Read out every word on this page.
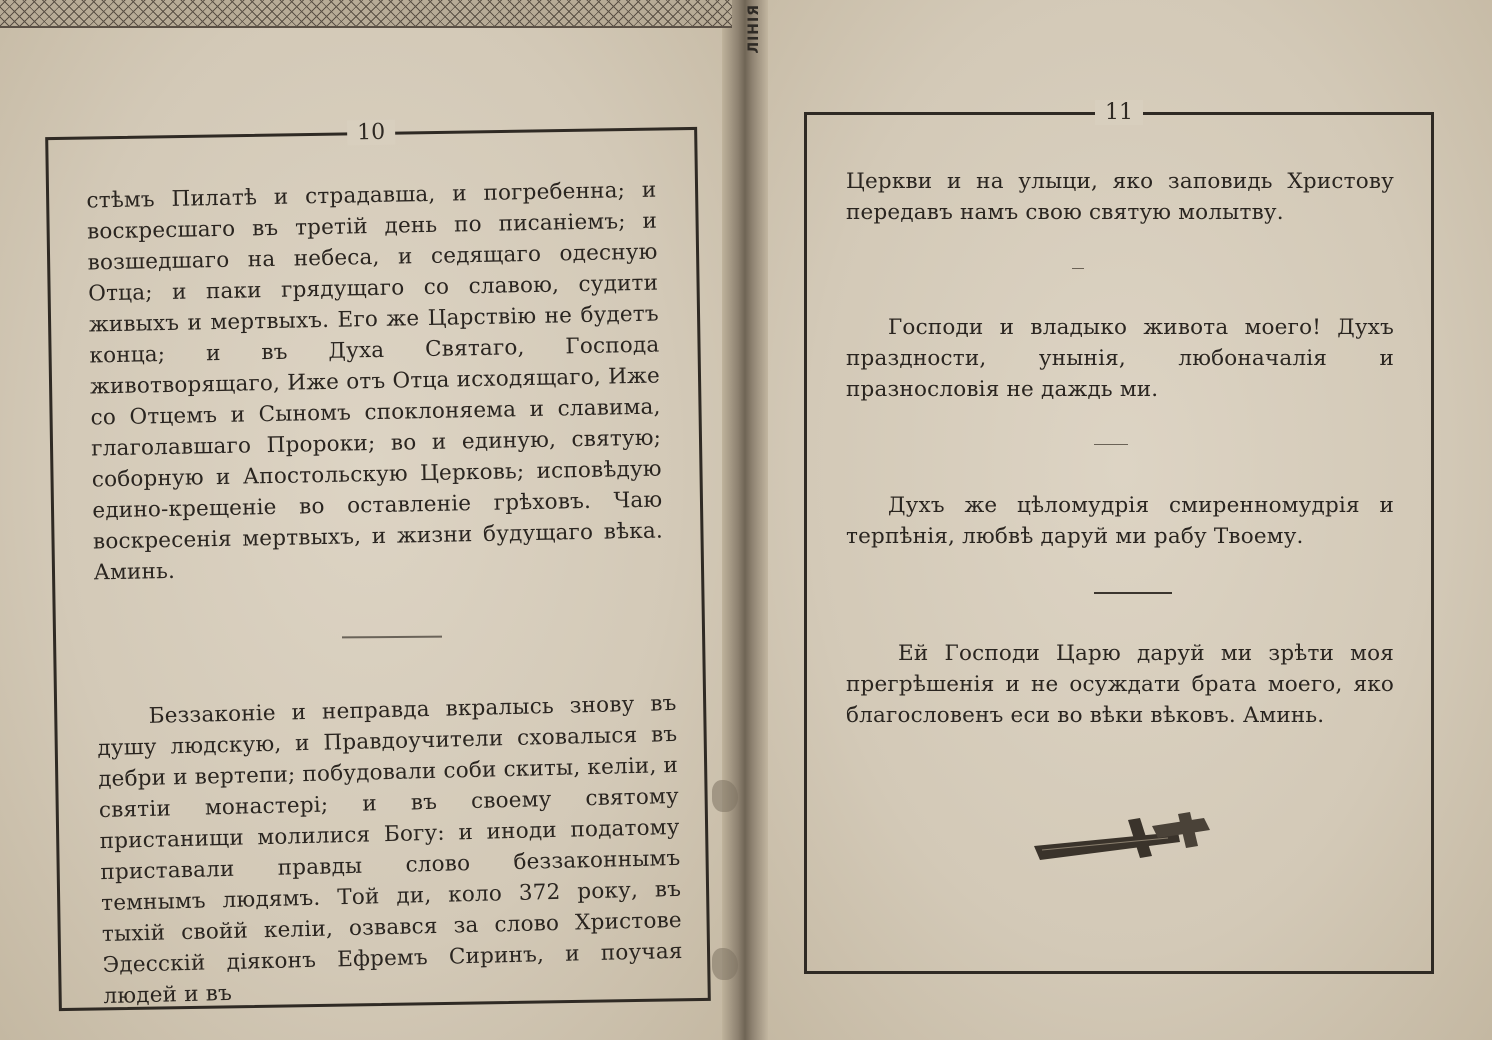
ЛІНІЯ
10
стѣмъ Пилатѣ и страдавша, и погребенна; и воскресшаго въ третій день по писаніемъ; и возшедшаго на небеса, и седящаго одесную Отца; и паки грядущаго со славою, судити живыхъ и мертвыхъ. Его же Царствію не будетъ конца; и въ Духа Святаго, Господа животворящаго, Иже отъ Отца исходящаго, Иже со Отцемъ и Сыномъ споклоняема и славима, глаголавшаго Пророки; во и единую, святую; соборную и Апостольскую Церковь; исповѣдую едино-крещеніе во оставленіе грѣховъ. Чаю воскресенія мертвыхъ, и жизни будущаго вѣка. Аминь.
Беззаконіе и неправда вкралысь знову въ душу людскую, и Правдоучители сховалыся въ дебри и вертепи; побудовали соби скиты, келіи, и святіи монастері; и въ своему святому пристанищи молилися Богу: и иноди податому приставали правды слово беззаконнымъ темнымъ людямъ. Той ди, коло 372 року, въ тыхій свойй келіи, озвався за слово Христове Эдесскій діяконъ Ефремъ Сиринъ, и поучая людей и въ
11
Церкви и на улыци, яко заповидь Христову передавъ намъ свою святую молытву.
Господи и владыко живота моего! Духъ праздности, унынія, любоначалія и празнословія не даждь ми.
Духъ же цѣломудрія смиренномудрія и терпѣнія, любвѣ даруй ми рабу Твоему.
Ей Господи Царю даруй ми зрѣти моя прегрѣшенія и не осуждати брата моего, яко благословенъ еси во вѣки вѣковъ. Аминь.
